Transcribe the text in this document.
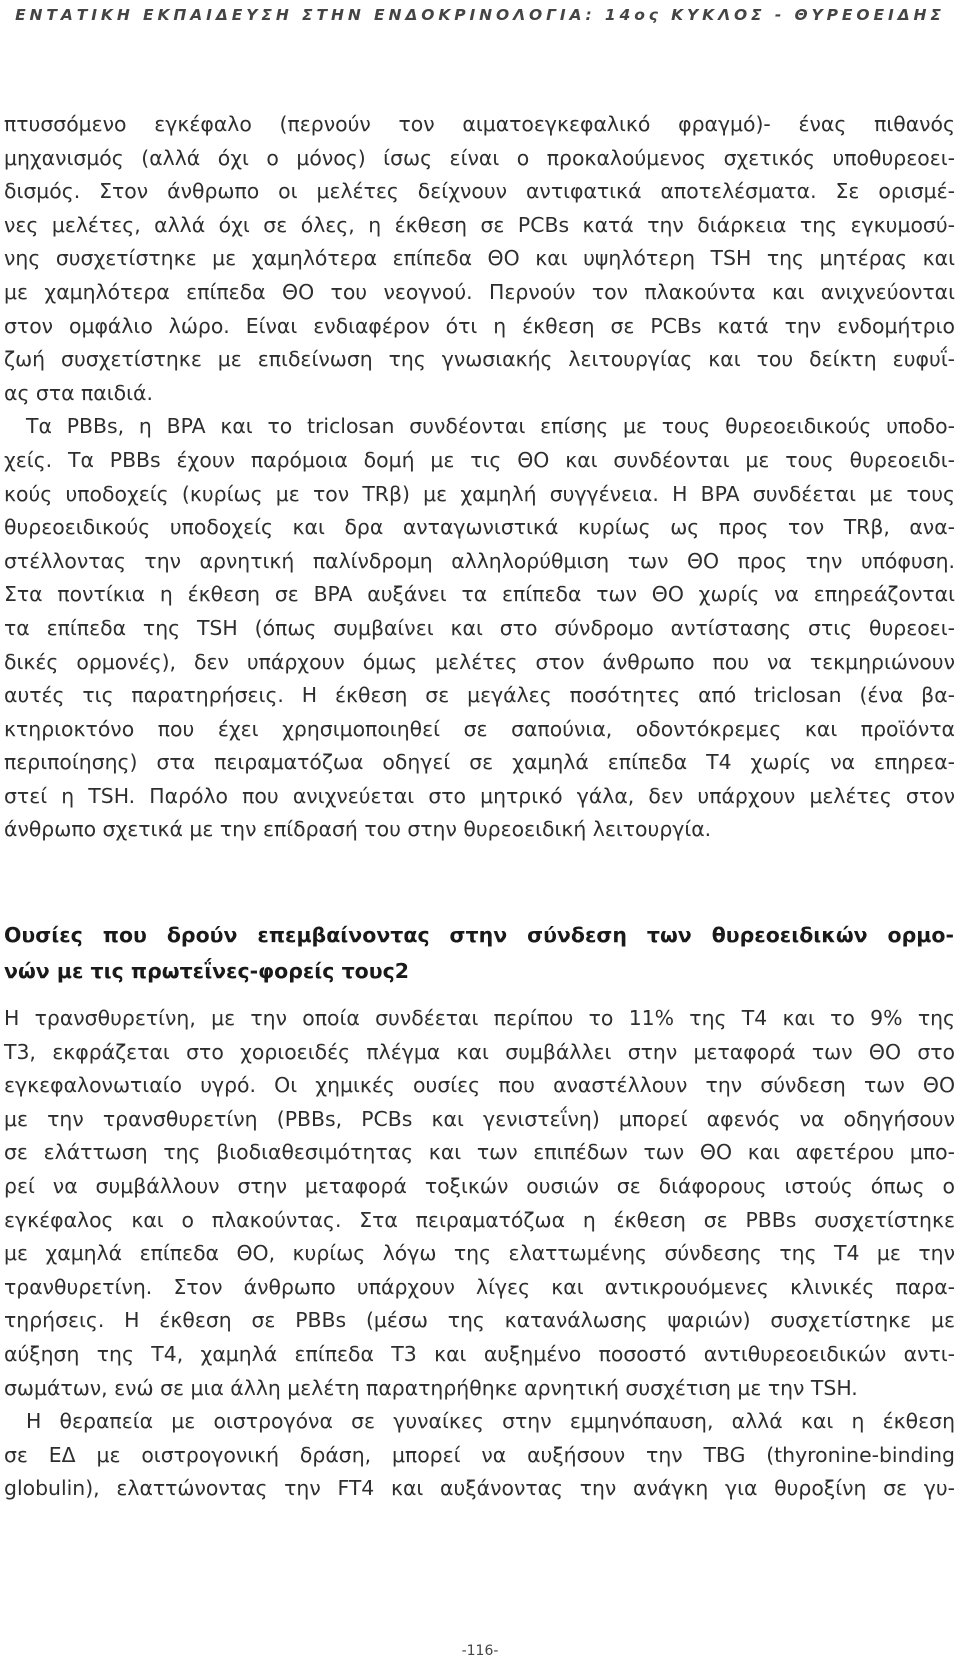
ΕΝΤΑΤΙΚΗ ΕΚΠΑΙΔΕΥΣΗ ΣΤΗΝ ΕΝΔΟΚΡΙΝΟΛΟΓΙΑ: 14ος ΚΥΚΛΟΣ - ΘΥΡΕΟΕΙΔΗΣ
πτυσσόμενο εγκέφαλο (περνούν τον αιματοεγκεφαλικό φραγμό)- ένας πιθανός
μηχανισμός (αλλά όχι ο μόνος) ίσως είναι ο προκαλούμενος σχετικός υποθυρεοει-
δισμός. Στον άνθρωπο οι μελέτες δείχνουν αντιφατικά αποτελέσματα. Σε ορισμέ-
νες μελέτες, αλλά όχι σε όλες, η έκθεση σε PCBs κατά την διάρκεια της εγκυμοσύ-
νης συσχετίστηκε με χαμηλότερα επίπεδα ΘΟ και υψηλότερη TSH της μητέρας και
με χαμηλότερα επίπεδα ΘΟ του νεογνού. Περνούν τον πλακούντα και ανιχνεύονται
στον ομφάλιο λώρο. Είναι ενδιαφέρον ότι η έκθεση σε PCBs κατά την ενδομήτριο
ζωή συσχετίστηκε με επιδείνωση της γνωσιακής λειτουργίας και του δείκτη ευφυΐ-
ας στα παιδιά.
Τα PBBs, η BPA και το triclosan συνδέονται επίσης με τους θυρεοειδικούς υποδο-
χείς. Τα PBBs έχουν παρόμοια δομή με τις ΘΟ και συνδέονται με τους θυρεοειδι-
κούς υποδοχείς (κυρίως με τον TRβ) με χαμηλή συγγένεια. Η BPA συνδέεται με τους
θυρεοειδικούς υποδοχείς και δρα ανταγωνιστικά κυρίως ως προς τον TRβ, ανα-
στέλλοντας την αρνητική παλίνδρομη αλληλορύθμιση των ΘΟ προς την υπόφυση.
Στα ποντίκια η έκθεση σε BPA αυξάνει τα επίπεδα των ΘΟ χωρίς να επηρεάζονται
τα επίπεδα της TSH (όπως συμβαίνει και στο σύνδρομο αντίστασης στις θυρεοει-
δικές ορμονές), δεν υπάρχουν όμως μελέτες στον άνθρωπο που να τεκμηριώνουν
αυτές τις παρατηρήσεις. Η έκθεση σε μεγάλες ποσότητες από triclosan (ένα βα-
κτηριοκτόνο που έχει χρησιμοποιηθεί σε σαπούνια, οδοντόκρεμες και προϊόντα
περιποίησης) στα πειραματόζωα οδηγεί σε χαμηλά επίπεδα Τ4 χωρίς να επηρεα-
στεί η TSH. Παρόλο που ανιχνεύεται στο μητρικό γάλα, δεν υπάρχουν μελέτες στον
άνθρωπο σχετικά με την επίδρασή του στην θυρεοειδική λειτουργία.
Ουσίες που δρούν επεμβαίνοντας στην σύνδεση των θυρεοειδικών ορμο-
νών με τις πρωτεΐνες-φορείς τους2
Η τρανσθυρετίνη, με την οποία συνδέεται περίπου το 11% της Τ4 και το 9% της
Τ3, εκφράζεται στο χοριοειδές πλέγμα και συμβάλλει στην μεταφορά των ΘΟ στο
εγκεφαλονωτιαίο υγρό. Οι χημικές ουσίες που αναστέλλουν την σύνδεση των ΘΟ
με την τρανσθυρετίνη (PBBs, PCBs και γενιστεΐνη) μπορεί αφενός να οδηγήσουν
σε ελάττωση της βιοδιαθεσιμότητας και των επιπέδων των ΘΟ και αφετέρου μπο-
ρεί να συμβάλλουν στην μεταφορά τοξικών ουσιών σε διάφορους ιστούς όπως ο
εγκέφαλος και ο πλακούντας. Στα πειραματόζωα η έκθεση σε PBBs συσχετίστηκε
με χαμηλά επίπεδα ΘΟ, κυρίως λόγω της ελαττωμένης σύνδεσης της Τ4 με την
τρανθυρετίνη. Στον άνθρωπο υπάρχουν λίγες και αντικρουόμενες κλινικές παρα-
τηρήσεις. Η έκθεση σε PBBs (μέσω της κατανάλωσης ψαριών) συσχετίστηκε με
αύξηση της Τ4, χαμηλά επίπεδα Τ3 και αυξημένο ποσοστό αντιθυρεοειδικών αντι-
σωμάτων, ενώ σε μια άλλη μελέτη παρατηρήθηκε αρνητική συσχέτιση με την TSH.
Η θεραπεία με οιστρογόνα σε γυναίκες στην εμμηνόπαυση, αλλά και η έκθεση
σε ΕΔ με οιστρογονική δράση, μπορεί να αυξήσουν την TBG (thyronine-binding
globulin), ελαττώνοντας την FT4 και αυξάνοντας την ανάγκη για θυροξίνη σε γυ-
-116-
